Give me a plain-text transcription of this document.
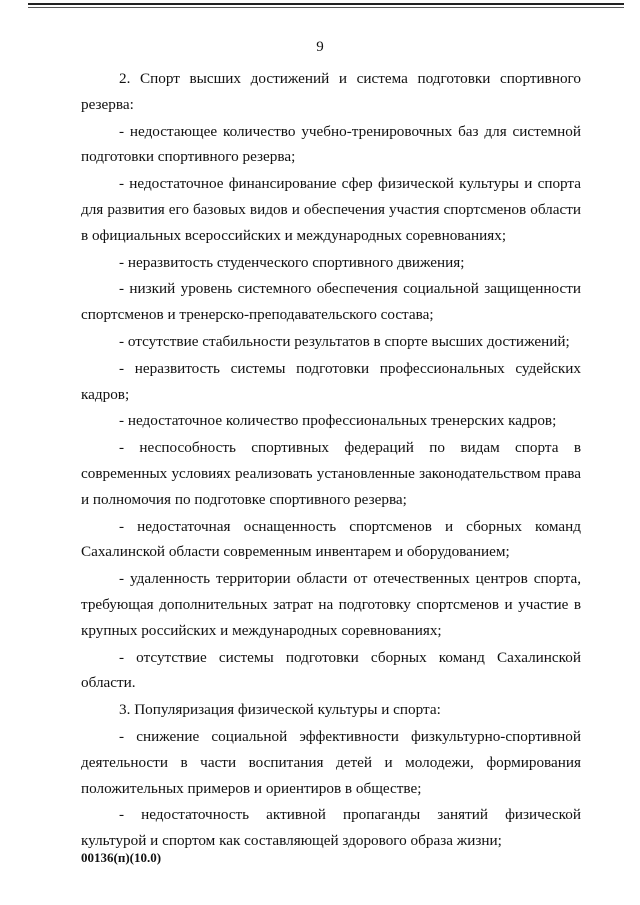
9

2. Спорт высших достижений и система подготовки спортивного резерва:

- недостающее количество учебно-тренировочных баз для системной подготовки спортивного резерва;

- недостаточное финансирование сфер физической культуры и спорта для развития его базовых видов и обеспечения участия спортсменов области в официальных всероссийских и международных соревнованиях;

- неразвитость студенческого спортивного движения;

- низкий уровень системного обеспечения социальной защищенности спортсменов и тренерско-преподавательского состава;

- отсутствие стабильности результатов в спорте высших достижений;

- неразвитость системы подготовки профессиональных судейских кадров;

- недостаточное количество профессиональных тренерских кадров;

- неспособность спортивных федераций по видам спорта в современных условиях реализовать установленные законодательством права и полномочия по подготовке спортивного резерва;

- недостаточная оснащенность спортсменов и сборных команд Сахалинской области современным инвентарем и оборудованием;

- удаленность территории области от отечественных центров спорта, требующая дополнительных затрат на подготовку спортсменов и участие в крупных российских и международных соревнованиях;

- отсутствие системы подготовки сборных команд Сахалинской области.

3. Популяризация физической культуры и спорта:

- снижение социальной эффективности физкультурно-спортивной деятельности в части воспитания детей и молодежи, формирования положительных примеров и ориентиров в обществе;

- недостаточность активной пропаганды занятий физической культурой и спортом как составляющей здорового образа жизни;

00136(п)(10.0)
